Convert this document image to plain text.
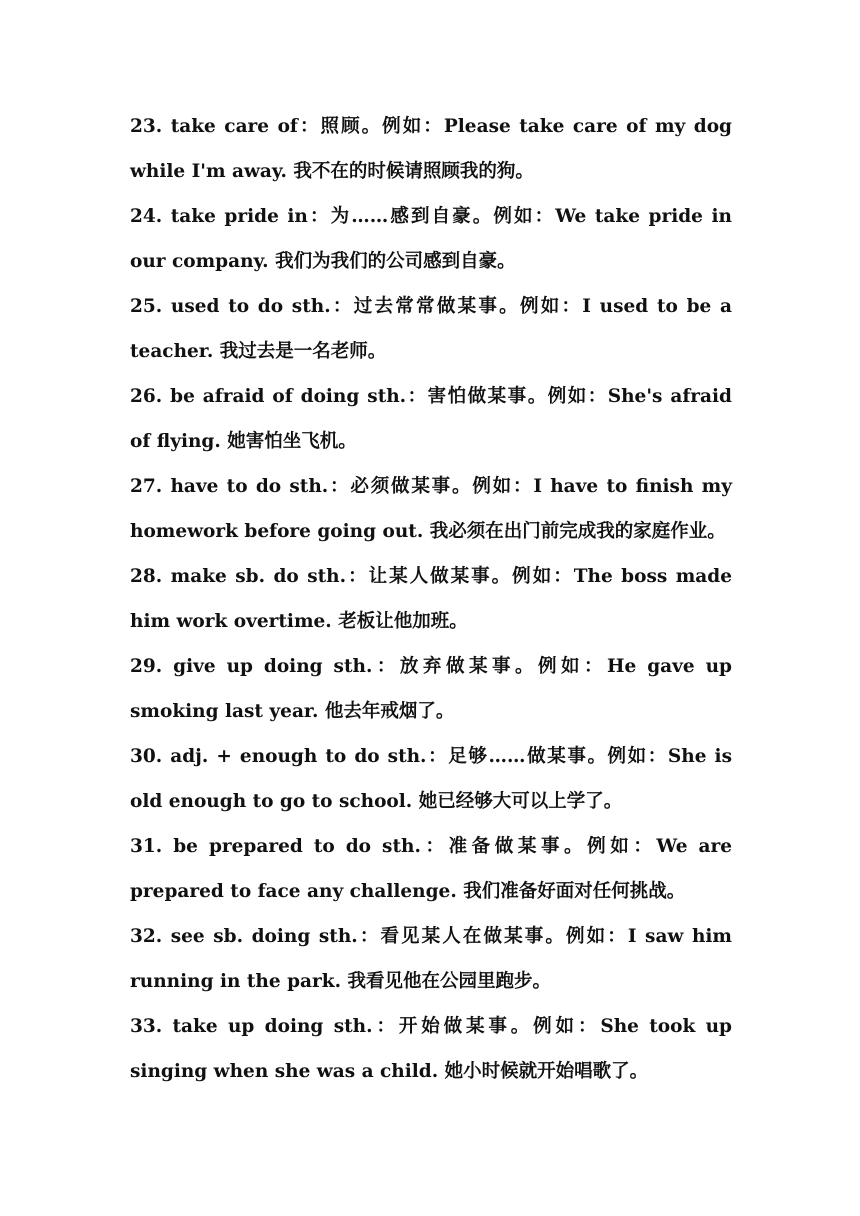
23. take care of：照顾。例如：Please take care of my dog while I'm away. 我不在的时候请照顾我的狗。

24. take pride in：为……感到自豪。例如：We take pride in our company. 我们为我们的公司感到自豪。

25. used to do sth.：过去常常做某事。例如：I used to be a teacher. 我过去是一名老师。

26. be afraid of doing sth.：害怕做某事。例如：She's afraid of flying. 她害怕坐飞机。

27. have to do sth.：必须做某事。例如：I have to finish my homework before going out. 我必须在出门前完成我的家庭作业。

28. make sb. do sth.：让某人做某事。例如：The boss made him work overtime. 老板让他加班。

29. give up doing sth.：放弃做某事。例如：He gave up smoking last year. 他去年戒烟了。

30. adj. + enough to do sth.：足够……做某事。例如：She is old enough to go to school. 她已经够大可以上学了。

31. be prepared to do sth.：准备做某事。例如：We are prepared to face any challenge. 我们准备好面对任何挑战。

32. see sb. doing sth.：看见某人在做某事。例如：I saw him running in the park. 我看见他在公园里跑步。

33. take up doing sth.：开始做某事。例如：She took up singing when she was a child. 她小时候就开始唱歌了。
